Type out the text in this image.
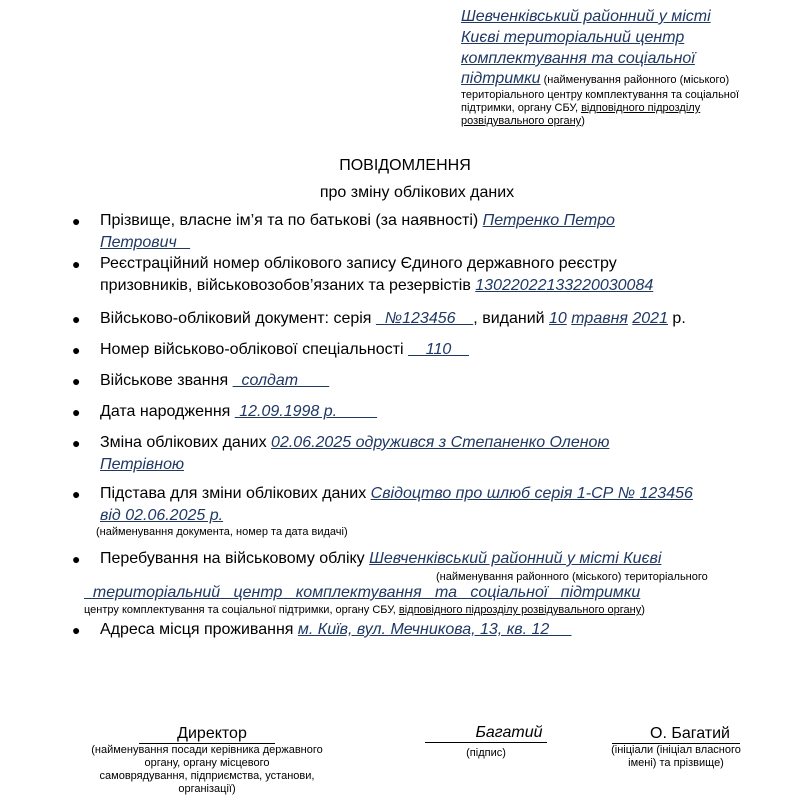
Шевченківський районний у місті
Києві територіальний центр
комплектування та соціальної
підтримки (найменування районного (міського)
територіального центру комплектування та соціальної
підтримки, органу СБУ, відповідного підрозділу
розвідувального органу)
ПОВІДОМЛЕННЯ
про зміну облікових даних
● Прізвище, власне ім’я та по батькові (за наявності) Петренко Петро
Петрович
● Реєстраційний номер облікового запису Єдиного державного реєстру
призовників, військовозобов’язаних та резервістів 13022022133220030084
● Військово-обліковий документ: серія   №123456    , виданий 10 травня 2021 р.
● Номер військово-облікової спеціальності     110
● Військове звання   солдат
● Дата народження  12.09.1998 р.
● Зміна облікових даних 02.06.2025 одружився з Степаненко Оленою
Петрівною
● Підстава для зміни облікових даних Свідоцтво про шлюб серія 1-СР № 123456
від 02.06.2025 р.
(найменування документа, номер та дата видачі)
● Перебування на військовому обліку Шевченківський районний у місті Києві
(найменування районного (міського) територіального
територіальний   центр   комплектування   та   соціальної   підтримки
центру комплектування та соціальної підтримки, органу СБУ, відповідного підрозділу розвідувального органу)
● Адреса місця проживання м. Київ, вул. Мечникова, 13, кв. 12
Директор
(найменування посади керівника державного
органу, органу місцевого
самоврядування, підприємства, установи,
організації)
Багатий
(підпис)
О. Багатий
(ініціали (ініціал власного
імені) та прізвище)
